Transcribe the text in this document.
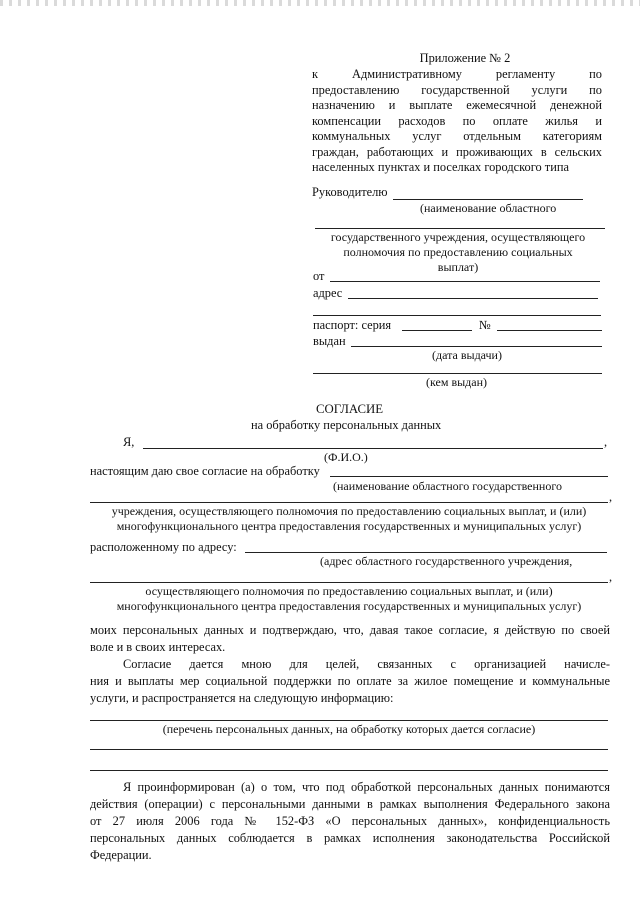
Приложение № 2
к Административному регламенту по
предоставлению государственной услуги по
назначению и выплате ежемесячной денежной
компенсации расходов по оплате жилья и
коммунальных услуг отдельным категориям
граждан, работающих и проживающих в сельских
населенных пунктах и поселках городского типа
Руководителю
(наименование областного
государственного учреждения, осуществляющего
полномочия по предоставлению социальных
выплат)
от
адрес
паспорт: серия	№
выдан
(дата выдачи)
(кем выдан)
СОГЛАСИЕ
на обработку персональных данных
Я,	,
(Ф.И.О.)
настоящим даю свое согласие на обработку
(наименование областного государственного
,
учреждения, осуществляющего полномочия по предоставлению социальных выплат, и (или)
многофункционального центра предоставления государственных и муниципальных услуг)
расположенному по адресу:
(адрес областного государственного учреждения,
,
осуществляющего полномочия по предоставлению социальных выплат, и (или)
многофункционального центра предоставления государственных и муниципальных услуг)
моих персональных данных и подтверждаю, что, давая такое согласие, я действую по своей
воле и в своих интересах.
Согласие дается мною для целей, связанных с организацией начисле-
ния и выплаты мер социальной поддержки по оплате за жилое помещение и коммунальные
услуги, и распространяется на следующую информацию:
(перечень персональных данных, на обработку которых дается согласие)
Я проинформирован (а) о том, что под обработкой персональных данных понимаются
действия (операции) с персональными данными в рамках выполнения Федерального закона
от 27 июля 2006 года № 152-ФЗ «О персональных данных», конфиденциальность
персональных данных соблюдается в рамках исполнения законодательства Российской
Федерации.
